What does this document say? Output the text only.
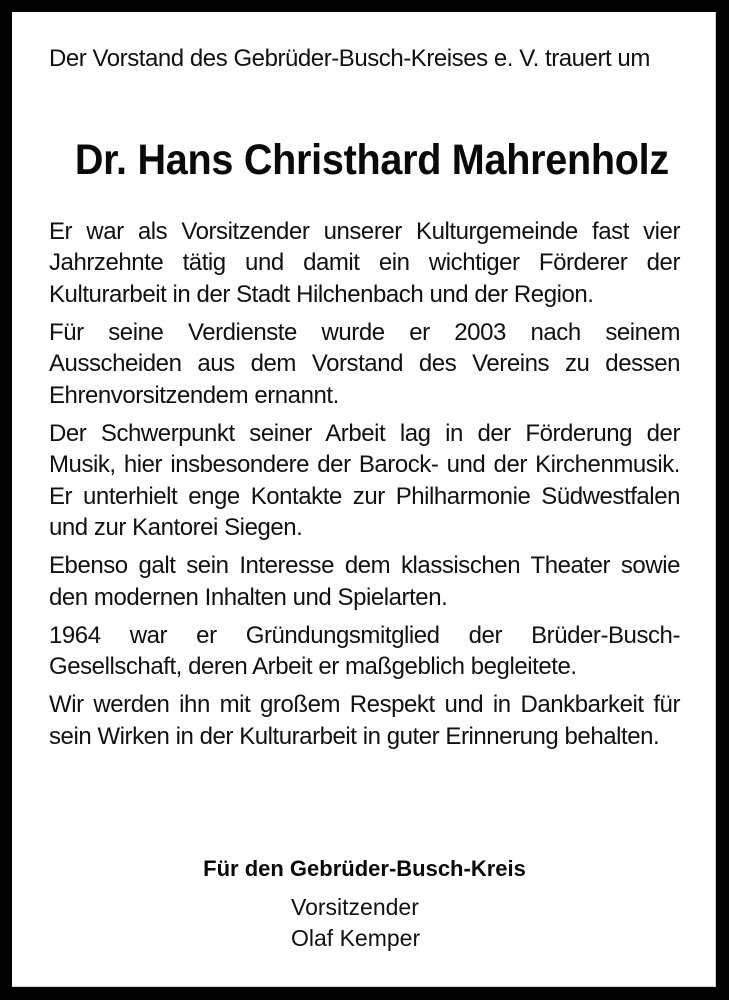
Der Vorstand des Gebrüder-Busch-Kreises e. V. trauert um

Dr. Hans Christhard Mahrenholz

Er war als Vorsitzender unserer Kulturgemeinde fast vier Jahrzehnte tätig und damit ein wichtiger Förderer der Kulturarbeit in der Stadt Hilchenbach und der Region.

Für seine Verdienste wurde er 2003 nach seinem Ausscheiden aus dem Vorstand des Vereins zu dessen Ehrenvorsitzendem ernannt.

Der Schwerpunkt seiner Arbeit lag in der Förderung der Musik, hier insbesondere der Barock- und der Kirchenmusik. Er unterhielt enge Kontakte zur Philharmonie Südwestfalen und zur Kantorei Siegen.

Ebenso galt sein Interesse dem klassischen Theater sowie den modernen Inhalten und Spielarten.

1964 war er Gründungsmitglied der Brüder-Busch-Gesellschaft, deren Arbeit er maßgeblich begleitete.

Wir werden ihn mit großem Respekt und in Dankbarkeit für sein Wirken in der Kulturarbeit in guter Erinnerung behalten.

Für den Gebrüder-Busch-Kreis
Vorsitzender
Olaf Kemper
